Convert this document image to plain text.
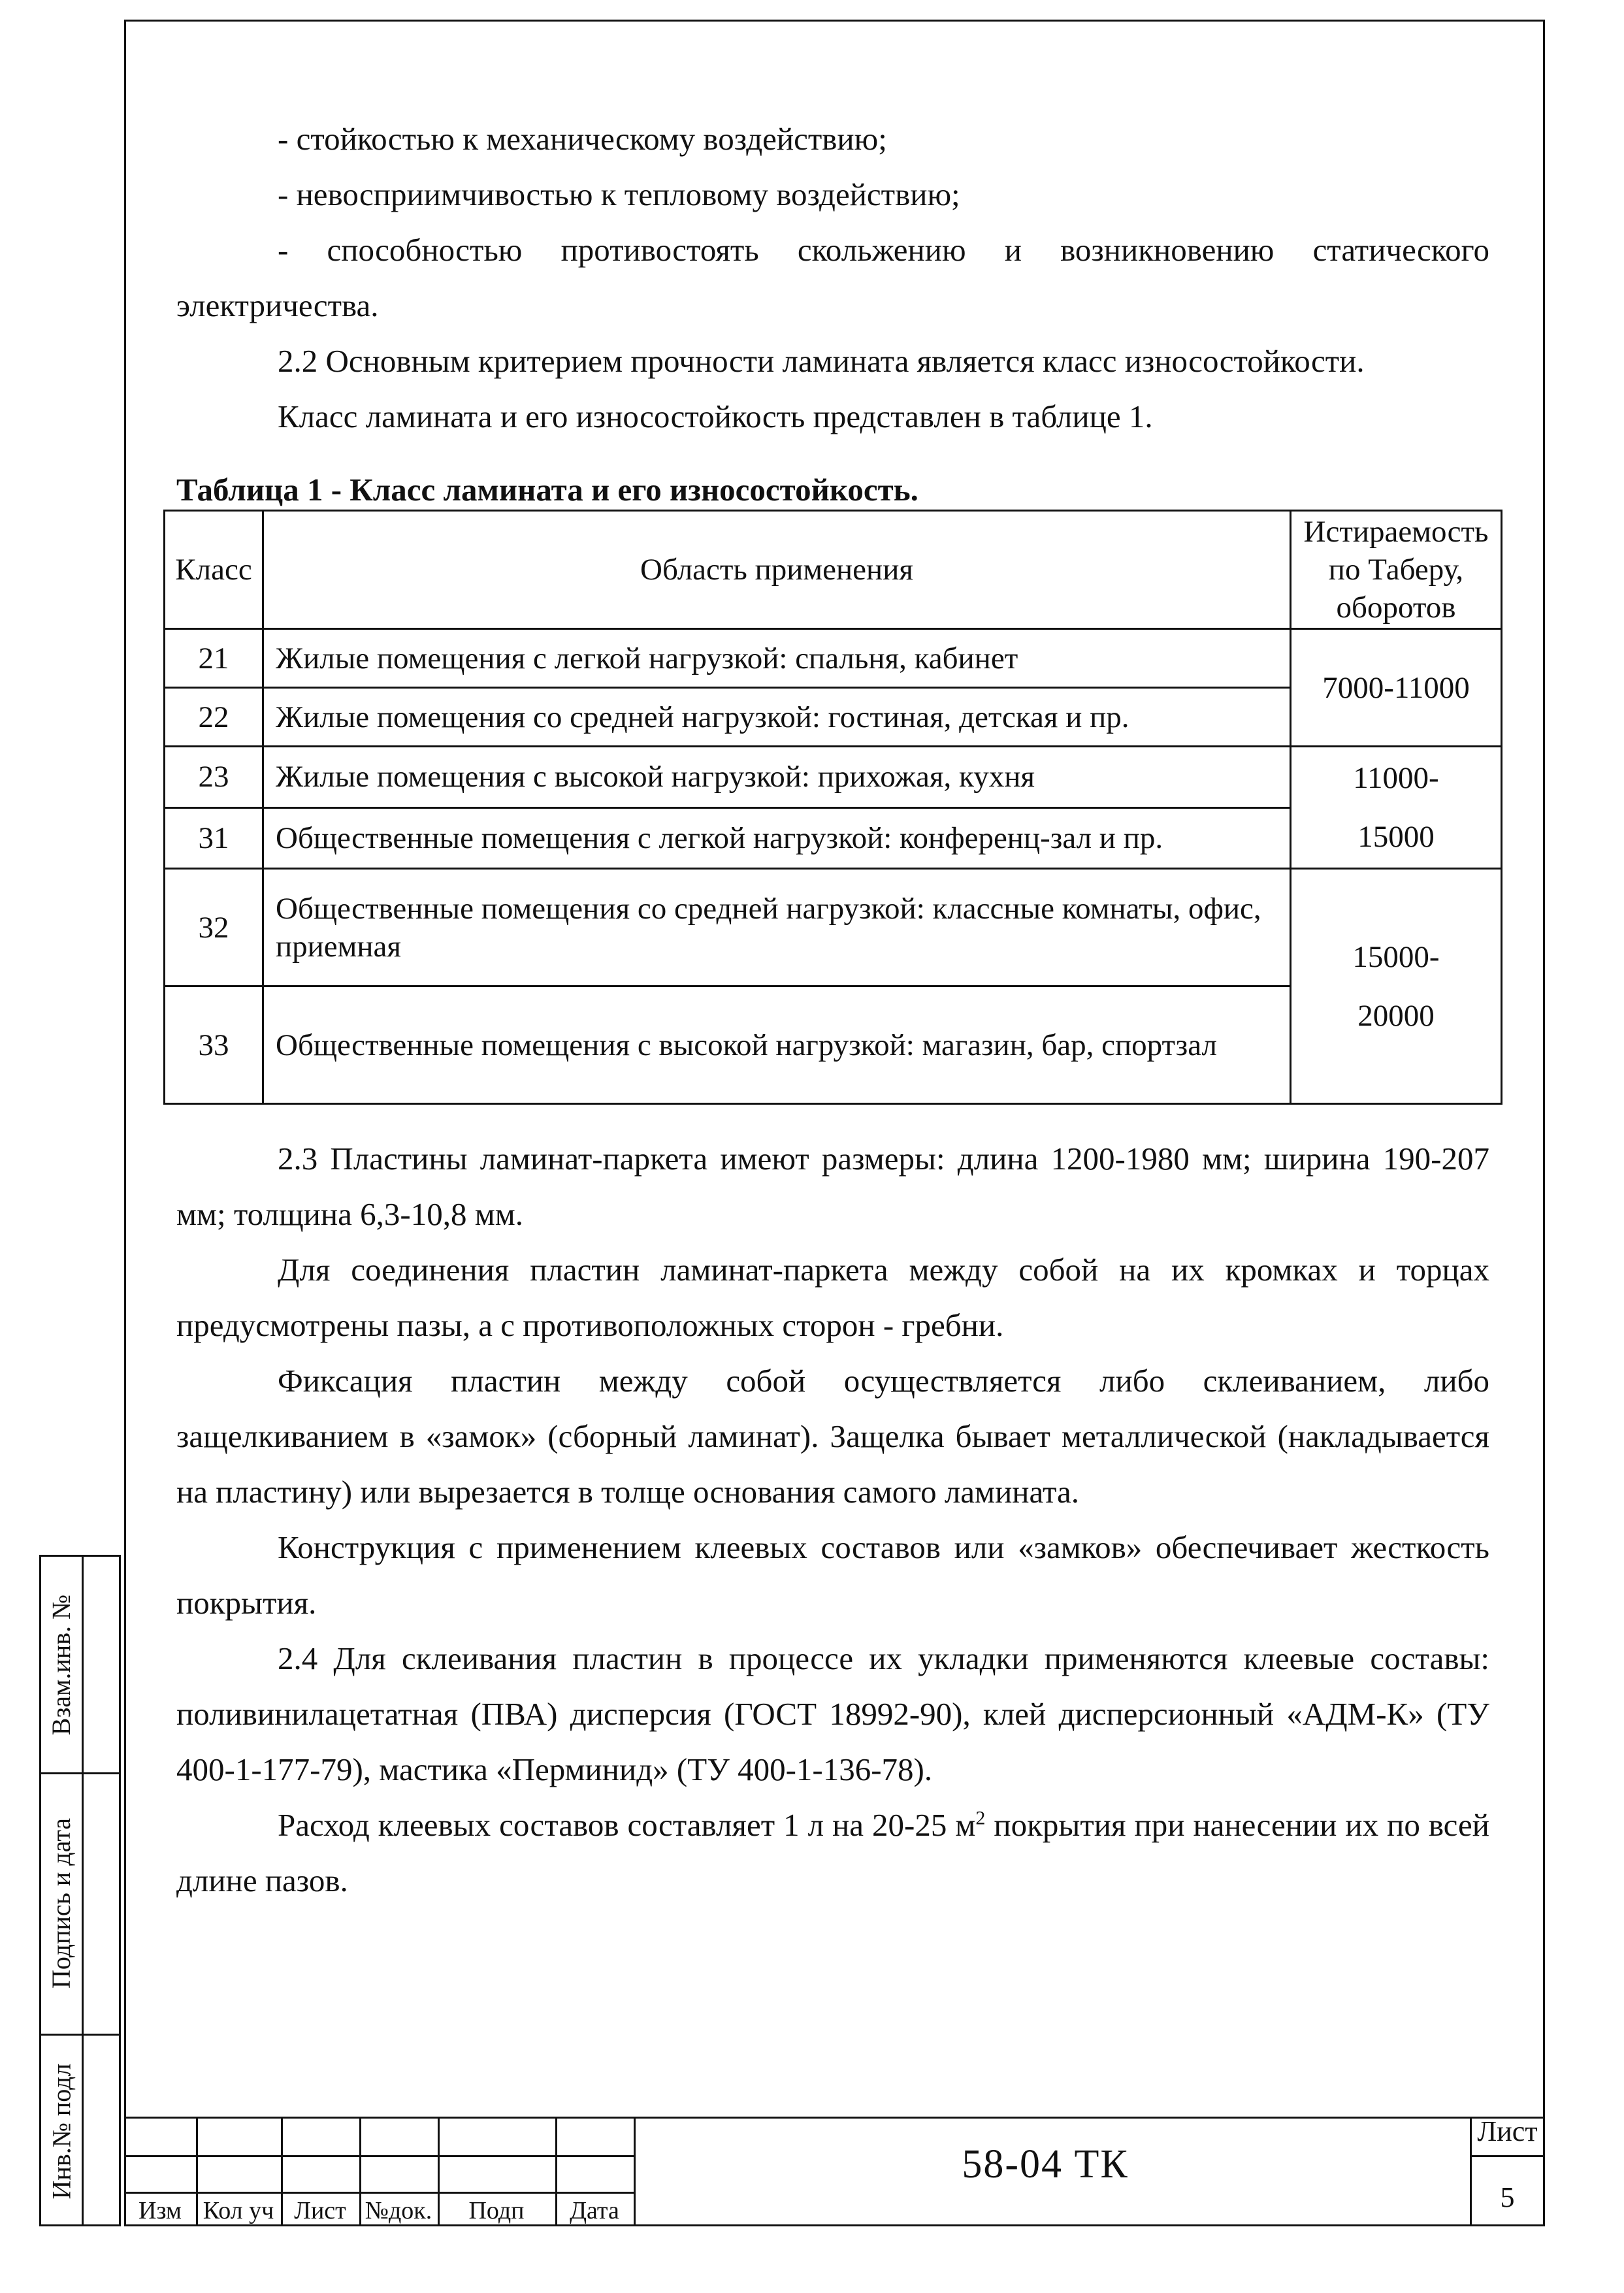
- стойкостью к механическому воздействию;

- невосприимчивостью к тепловому воздействию;

- способностью противостоять скольжению и возникновению статического электричества.

2.2 Основным критерием прочности ламината является класс износостойкости.

Класс ламината и его износостойкость представлен в таблице 1.

Таблица 1 - Класс ламината и его износостойкость.

Класс	Область применения	Истираемость по Таберу, оборотов
21	Жилые помещения с легкой нагрузкой: спальня, кабинет	7000-11000

22	Жилые помещения со средней нагрузкой: гостиная, детская и пр.	
23	Жилые помещения с высокой нагрузкой: прихожая, кухня	11000-
15000

31	Общественные помещения с легкой нагрузкой: конференц-зал и пр.	
32	Общественные помещения со средней нагрузкой: классные комнаты, офис, приемная	15000-
20000

33	Общественные помещения с высокой нагрузкой: магазин, бар, спортзал	

2.3 Пластины ламинат-паркета имеют размеры: длина 1200-1980 мм; ширина 190-207 мм; толщина 6,3-10,8 мм.

Для соединения пластин ламинат-паркета между собой на их кромках и торцах предусмотрены пазы, а с противоположных сторон - гребни.

Фиксация пластин между собой осуществляется либо склеиванием, либо защелкиванием в «замок» (сборный ламинат). Защелка бывает металлической (накладывается на пластину) или вырезается в толще основания самого ламината.

Конструкция с применением клеевых составов или «замков» обеспечивает жесткость покрытия.

2.4 Для склеивания пластин в процессе их укладки применяются клеевые составы: поливинилацетатная (ПВА) дисперсия (ГОСТ 18992-90), клей дисперсионный «АДМ-К» (ТУ 400-1-177-79), мастика «Перминид» (ТУ 400-1-136-78).

Расход клеевых составов составляет 1 л на 20-25 $м^2$ покрытия при нанесении их по всей длине пазов.

Взам.инв. №
Подпись и дата
Инв.№ подл
Изм Кол уч Лист №док.	Подп	Дата
58-04 ТК
Лист
5
